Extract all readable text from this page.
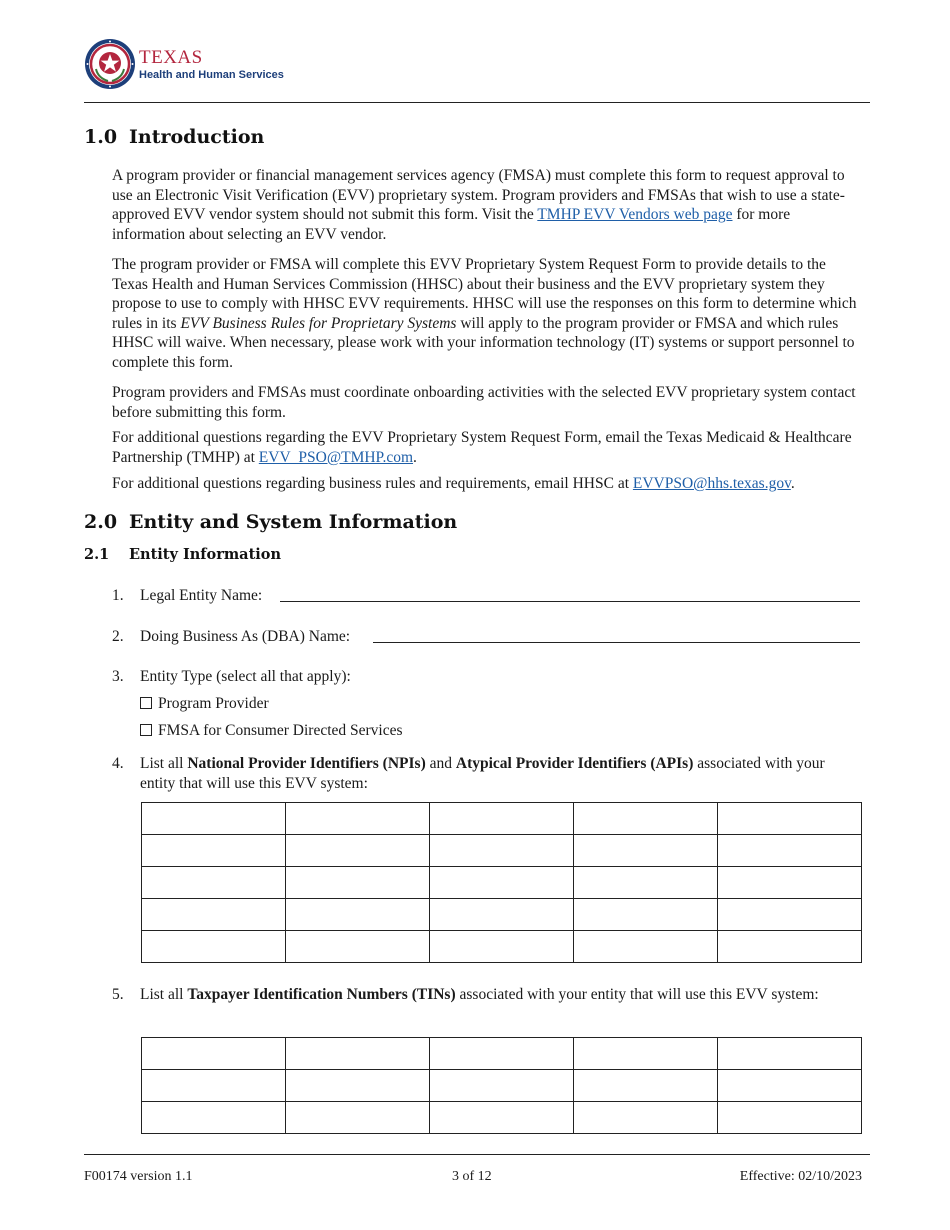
TEXAS
Health and Human Services
1.0 Introduction

A program provider or financial management services agency (FMSA) must complete this form to request approval to use an Electronic Visit Verification (EVV) proprietary system. Program providers and FMSAs that wish to use a state-approved EVV vendor system should not submit this form. Visit the TMHP EVV Vendors web page for more information about selecting an EVV vendor.

The program provider or FMSA will complete this EVV Proprietary System Request Form to provide details to the Texas Health and Human Services Commission (HHSC) about their business and the EVV proprietary system they propose to use to comply with HHSC EVV requirements. HHSC will use the responses on this form to determine which rules in its EVV Business Rules for Proprietary Systems will apply to the program provider or FMSA and which rules HHSC will waive. When necessary, please work with your information technology (IT) systems or support personnel to complete this form.

Program providers and FMSAs must coordinate onboarding activities with the selected EVV proprietary system contact before submitting this form.

For additional questions regarding the EVV Proprietary System Request Form, email the Texas Medicaid & Healthcare Partnership (TMHP) at EVV_PSO@TMHP.com.

For additional questions regarding business rules and requirements, email HHSC at EVVPSO@hhs.texas.gov.

2.0 Entity and System Information
2.1 Entity Information
1.	Legal Entity Name:
2.	Doing Business As (DBA) Name:
3.	Entity Type (select all that apply):
Program Provider
FMSA for Consumer Directed Services
4.	List all National Provider Identifiers (NPIs) and Atypical Provider Identifiers (APIs) associated with your entity that will use this EVV system:

5.	List all Taxpayer Identification Numbers (TINs) associated with your entity that will use this EVV system:

F00174 version 1.1	3 of 12	Effective: 02/10/2023
